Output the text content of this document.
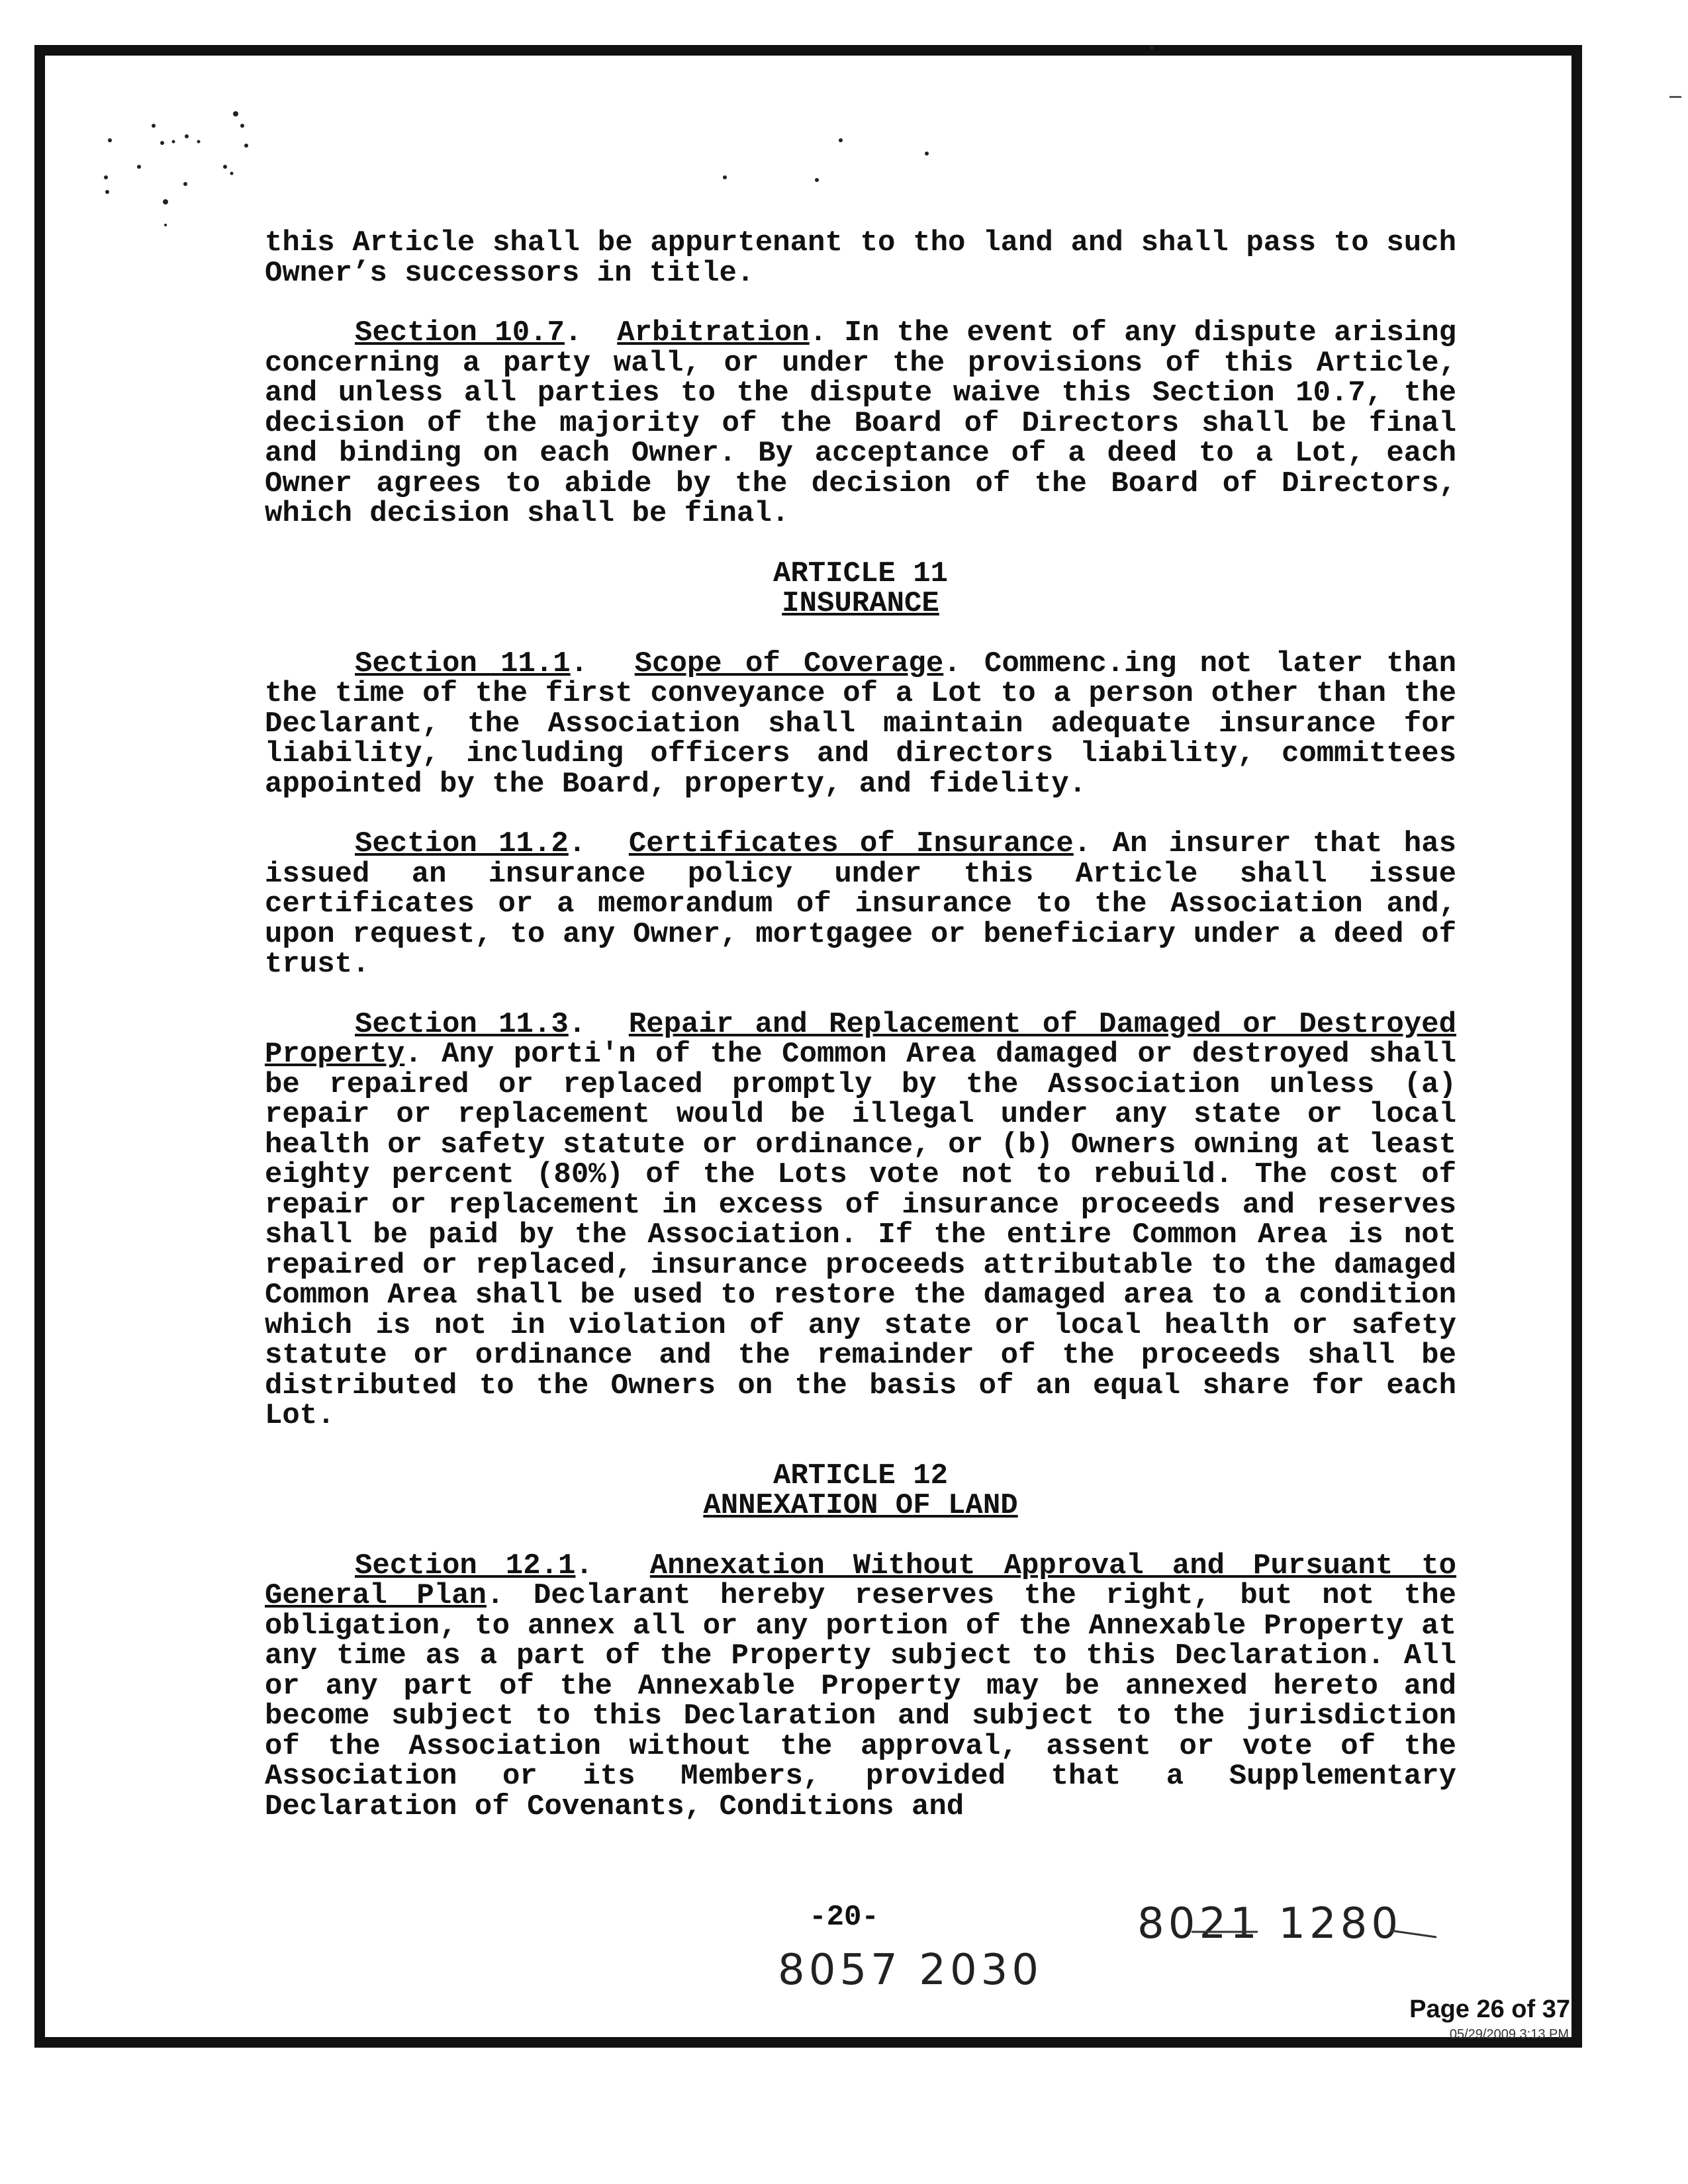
this Article shall be appurtenant to tho land and shall pass to such Owner’s successors in title.

Section 10.7.  Arbitration. In the event of any dispute arising concerning a party wall, or under the provisions of this Article, and unless all parties to the dispute waive this Section 10.7, the decision of the majority of the Board of Directors shall be final and binding on each Owner. By acceptance of a deed to a Lot, each Owner agrees to abide by the decision of the Board of Directors, which decision shall be final.

ARTICLE 11

INSURANCE

Section 11.1.  Scope of Coverage. Commenc.ing not later than the time of the first conveyance of a Lot to a person other than the Declarant, the Association shall maintain adequate insurance for liability, including officers and directors liability, committees appointed by the Board, property, and fidelity.

Section 11.2.  Certificates of Insurance. An insurer that has issued an insurance policy under this Article shall issue certificates or a memorandum of insurance to the Association and, upon request, to any Owner, mortgagee or beneficiary under a deed of trust.

Section 11.3.  Repair and Replacement of Damaged or Destroyed Property. Any porti'n of the Common Area damaged or destroyed shall be repaired or replaced promptly by the Association unless (a) repair or replacement would be illegal under any state or local health or safety statute or ordinance, or (b) Owners owning at least eighty percent (80%) of the Lots vote not to rebuild. The cost of repair or replacement in excess of insurance proceeds and reserves shall be paid by the Association. If the entire Common Area is not repaired or replaced, insurance proceeds attributable to the damaged Common Area shall be used to restore the damaged area to a condition which is not in violation of any state or local health or safety statute or ordinance and the remainder of the proceeds shall be distributed to the Owners on the basis of an equal share for each Lot.

ARTICLE 12

ANNEXATION OF LAND

Section 12.1.  Annexation Without Approval and Pursuant to General Plan. Declarant hereby reserves the right, but not the obligation, to annex all or any portion of the Annexable Property at any time as a part of the Property subject to this Declaration. All or any part of the Annexable Property may be annexed hereto and become subject to this Declaration and subject to the jurisdiction of the Association without the approval, assent or vote of the Association or its Members, provided that a Supplementary Declaration of Covenants, Conditions and

-20-
8057 2030
8021 1280
Page 26 of 37
05/29/2009 3:13 PM
